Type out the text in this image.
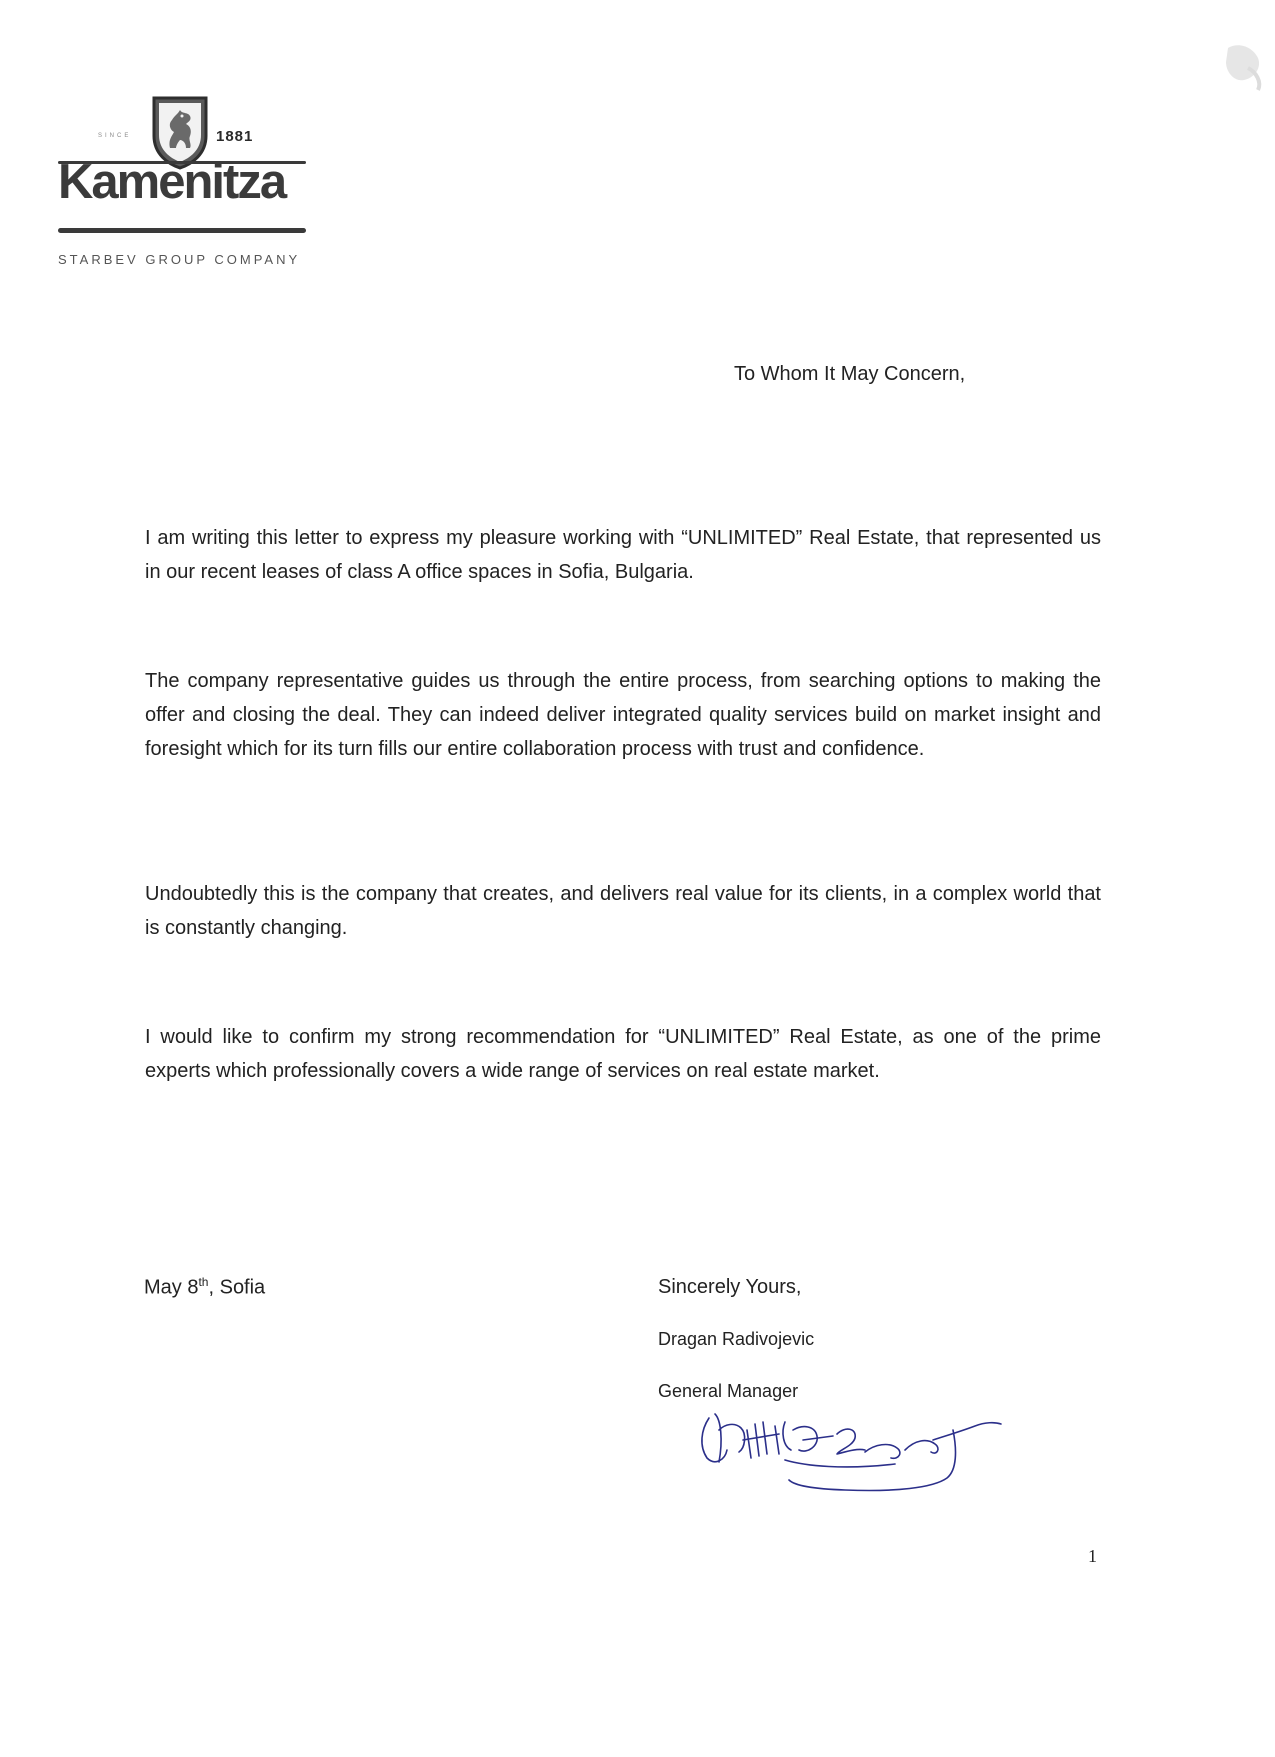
SINCE	1881
Kamenitza
STARBEV GROUP COMPANY
To Whom It May Concern,
I am writing this letter to express my pleasure working with “UNLIMITED” Real Estate, that represented us in our recent leases of class A office spaces in Sofia, Bulgaria.
The company representative guides us through the entire process, from searching options to making the offer and closing the deal. They can indeed deliver integrated quality services build on market insight and foresight which for its turn fills our entire collaboration process with trust and confidence.
Undoubtedly this is the company that creates, and delivers real value for its clients, in a complex world that is constantly changing.
I would like to confirm my strong recommendation for “UNLIMITED” Real Estate, as one of the prime experts which professionally covers a wide range of services on real estate market.
May 8th, Sofia	Sincerely Yours,
Dragan Radivojevic
General Manager
1
